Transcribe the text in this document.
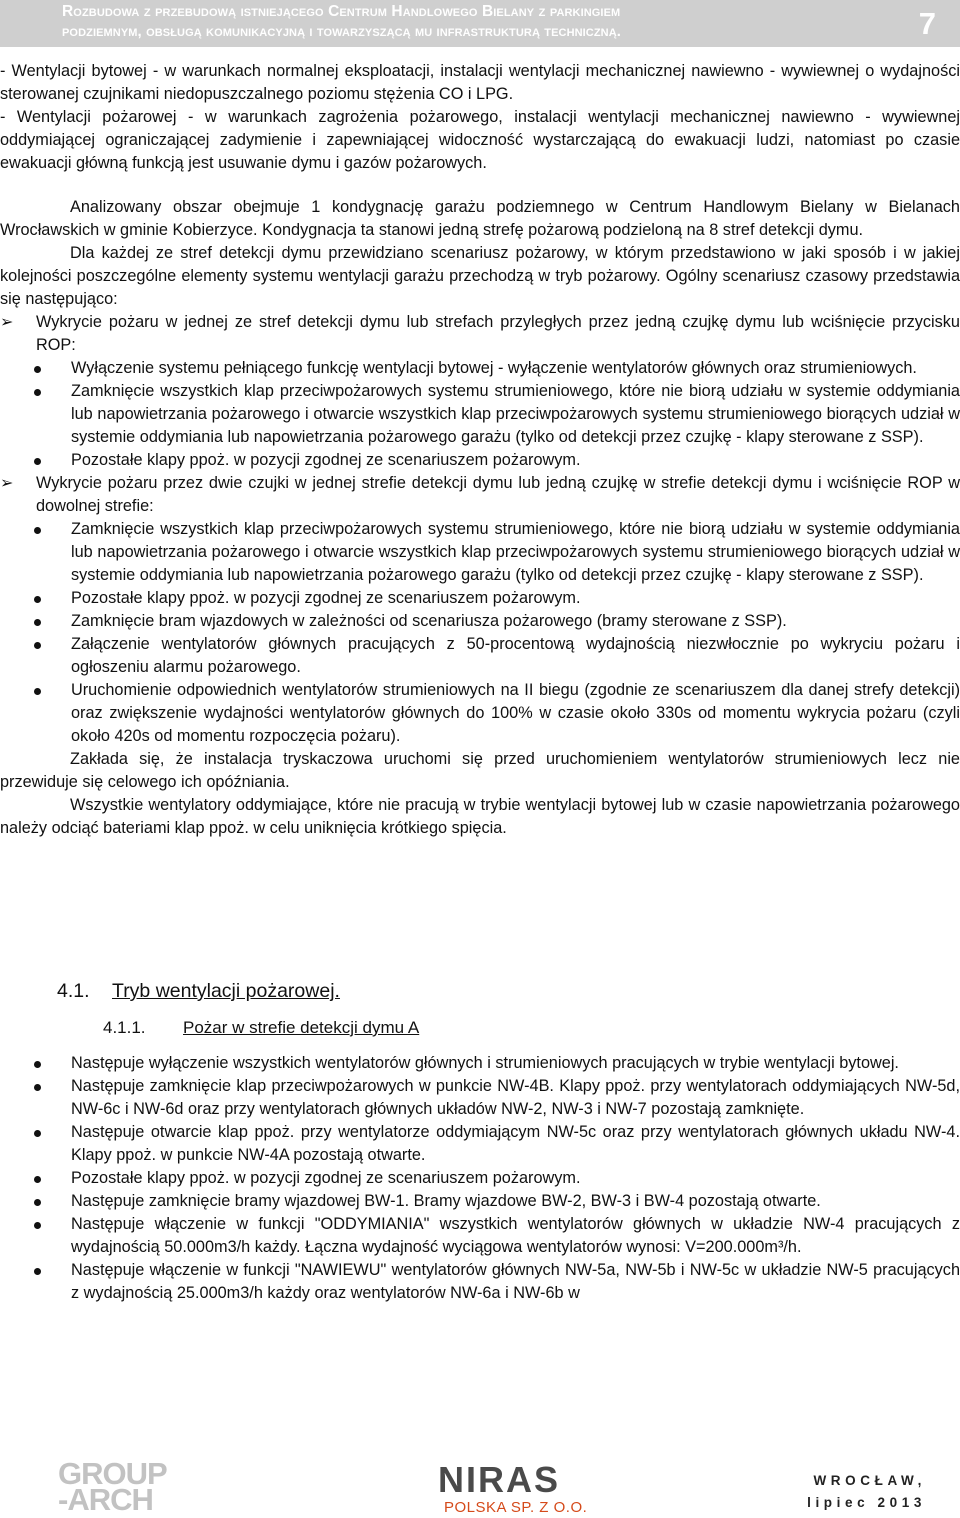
Rozbudowa z przebudową istniejącego Centrum Handlowego Bielany z parkingiem
podziemnym, obsługą komunikacyjną i towarzyszącą mu infrastrukturą techniczną.	7

- Wentylacji bytowej - w warunkach normalnej eksploatacji, instalacji wentylacji mechanicznej nawiewno - wywiewnej o wydajności sterowanej czujnikami niedopuszczalnego poziomu stężenia CO i LPG.

- Wentylacji pożarowej - w warunkach zagrożenia pożarowego, instalacji wentylacji mechanicznej nawiewno - wywiewnej oddymiającej ograniczającej zadymienie i zapewniającej widoczność wystarczającą do ewakuacji ludzi, natomiast po czasie ewakuacji główną funkcją jest usuwanie dymu i gazów pożarowych.

Analizowany obszar obejmuje 1 kondygnację garażu podziemnego w Centrum Handlowym Bielany w Bielanach Wrocławskich w gminie Kobierzyce. Kondygnacja ta stanowi jedną strefę pożarową podzieloną na 8 stref detekcji dymu.

Dla każdej ze stref detekcji dymu przewidziano scenariusz pożarowy, w którym przedstawiono w jaki sposób i w jakiej kolejności poszczególne elementy systemu wentylacji garażu przechodzą w tryb pożarowy. Ogólny scenariusz czasowy przedstawia się następująco:

➢ Wykrycie pożaru w jednej ze stref detekcji dymu lub strefach przyległych przez jedną czujkę dymu lub wciśnięcie przycisku ROP:

Wyłączenie systemu pełniącego funkcję wentylacji bytowej - wyłączenie wentylatorów głównych oraz strumieniowych.

Zamknięcie wszystkich klap przeciwpożarowych systemu strumieniowego, które nie biorą udziału w systemie oddymiania lub napowietrzania pożarowego i otwarcie wszystkich klap przeciwpożarowych systemu strumieniowego biorących udział w systemie oddymiania lub napowietrzania pożarowego garażu (tylko od detekcji przez czujkę - klapy sterowane z SSP).

Pozostałe klapy ppoż. w pozycji zgodnej ze scenariuszem pożarowym.

➢ Wykrycie pożaru przez dwie czujki w jednej strefie detekcji dymu lub jedną czujkę w strefie detekcji dymu i wciśnięcie ROP w dowolnej strefie:

Zamknięcie wszystkich klap przeciwpożarowych systemu strumieniowego, które nie biorą udziału w systemie oddymiania lub napowietrzania pożarowego i otwarcie wszystkich klap przeciwpożarowych systemu strumieniowego biorących udział w systemie oddymiania lub napowietrzania pożarowego garażu (tylko od detekcji przez czujkę - klapy sterowane z SSP).

Pozostałe klapy ppoż. w pozycji zgodnej ze scenariuszem pożarowym.

Zamknięcie bram wjazdowych w zależności od scenariusza pożarowego (bramy sterowane z SSP).

Załączenie wentylatorów głównych pracujących z 50-procentową wydajnością niezwłocznie po wykryciu pożaru i ogłoszeniu alarmu pożarowego.

Uruchomienie odpowiednich wentylatorów strumieniowych na II biegu (zgodnie ze scenariuszem dla danej strefy detekcji) oraz zwiększenie wydajności wentylatorów głównych do 100% w czasie około 330s od momentu wykrycia pożaru (czyli około 420s od momentu rozpoczęcia pożaru).

Zakłada się, że instalacja tryskaczowa uruchomi się przed uruchomieniem wentylatorów strumieniowych lecz nie przewiduje się celowego ich opóźniania.

Wszystkie wentylatory oddymiające, które nie pracują w trybie wentylacji bytowej lub w czasie napowietrzania pożarowego należy odciąć bateriami klap ppoż. w celu uniknięcia krótkiego spięcia.

4.1. Tryb wentylacji pożarowej.
4.1.1. Pożar w strefie detekcji dymu A

Następuje wyłączenie wszystkich wentylatorów głównych i strumieniowych pracujących w trybie wentylacji bytowej.

Następuje zamknięcie klap przeciwpożarowych w punkcie NW-4B. Klapy ppoż. przy wentylatorach oddymiających NW-5d, NW-6c i NW-6d oraz przy wentylatorach głównych układów NW-2, NW-3 i NW-7 pozostają zamknięte.

Następuje otwarcie klap ppoż. przy wentylatorze oddymiającym NW-5c oraz przy wentylatorach głównych układu NW-4. Klapy ppoż. w punkcie NW-4A pozostają otwarte.

Pozostałe klapy ppoż. w pozycji zgodnej ze scenariuszem pożarowym.

Następuje zamknięcie bramy wjazdowej BW-1. Bramy wjazdowe BW-2, BW-3 i BW-4 pozostają otwarte.

Następuje włączenie w funkcji "ODDYMIANIA" wszystkich wentylatorów głównych w układzie NW-4 pracujących z wydajnością 50.000m3/h każdy. Łączna wydajność wyciągowa wentylatorów wynosi: V=200.000m³/h.

Następuje włączenie w funkcji "NAWIEWU" wentylatorów głównych NW-5a, NW-5b i NW-5c w układzie NW-5 pracujących z wydajnością 25.000m3/h każdy oraz wentylatorów NW-6a i NW-6b w

GROUP
-ARCH	NIRAS
POLSKA SP. Z O.O.
WROCŁAW,
lipiec 2013
